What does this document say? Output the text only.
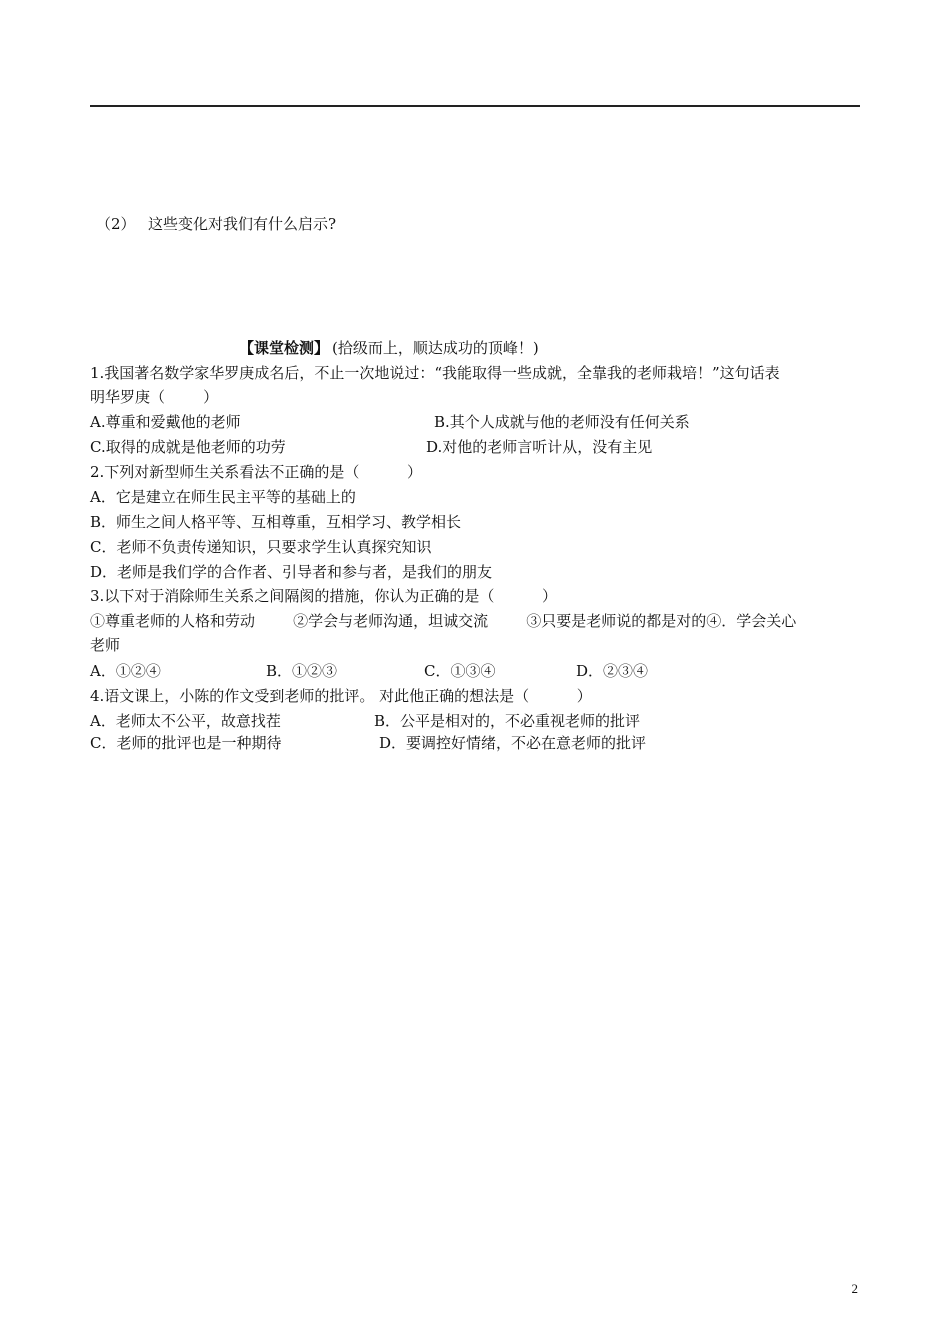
（2） 这些变化对我们有什么启示?
【课堂检测】 (拾级而上，顺达成功的顶峰！)
1.我国著名数学家华罗庚成名后，不止一次地说过：“我能取得一些成就，全靠我的老师栽培！”这句话表
明华罗庚（        ）
A.尊重和爱戴他的老师	B.其个人成就与他的老师没有任何关系
C.取得的成就是他老师的功劳	D.对他的老师言听计从，没有主见
2.下列对新型师生关系看法不正确的是（          ）
A．它是建立在师生民主平等的基础上的
B．师生之间人格平等、互相尊重，互相学习、教学相长
C．老师不负责传递知识，只要求学生认真探究知识
D．老师是我们学的合作者、引导者和参与者，是我们的朋友
3.以下对于消除师生关系之间隔阂的措施，你认为正确的是（          ）
①尊重老师的人格和劳动        ②学会与老师沟通，坦诚交流        ③只要是老师说的都是对的④．学会关心
老师
A．①②④	B．①②③	C．①③④	D．②③④
4.语文课上，小陈的作文受到老师的批评。 对此他正确的想法是（          ）
A．老师太不公平，故意找茬	B．公平是相对的，不必重视老师的批评
C．老师的批评也是一种期待	D．要调控好情绪，不必在意老师的批评
2
